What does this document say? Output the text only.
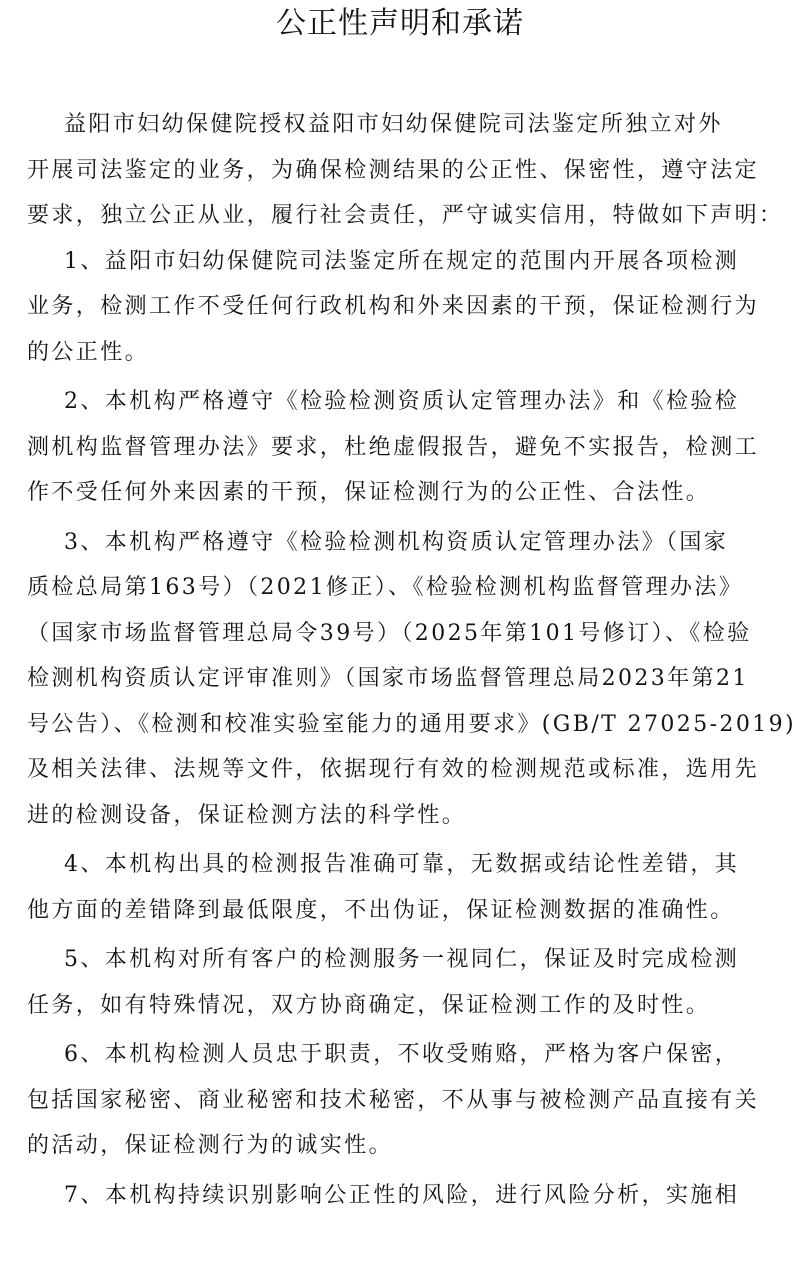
公正性声明和承诺

益阳市妇幼保健院授权益阳市妇幼保健院司法鉴定所独立对外
开展司法鉴定的业务，为确保检测结果的公正性、保密性，遵守法定
要求，独立公正从业，履行社会责任，严守诚实信用，特做如下声明：

1、益阳市妇幼保健院司法鉴定所在规定的范围内开展各项检测
业务，检测工作不受任何行政机构和外来因素的干预，保证检测行为
的公正性。

2、本机构严格遵守《检验检测资质认定管理办法》和《检验检
测机构监督管理办法》要求，杜绝虚假报告，避免不实报告，检测工
作不受任何外来因素的干预，保证检测行为的公正性、合法性。

3、本机构严格遵守《检验检测机构资质认定管理办法》（国家
质检总局第163号）（2021修正）、《检验检测机构监督管理办法》
（国家市场监督管理总局令39号）（2025年第101号修订）、《检验
检测机构资质认定评审准则》（国家市场监督管理总局2023年第21
号公告）、《检测和校准实验室能力的通用要求》(GB/T 27025-2019)
及相关法律、法规等文件，依据现行有效的检测规范或标准，选用先
进的检测设备，保证检测方法的科学性。

4、本机构出具的检测报告准确可靠，无数据或结论性差错，其
他方面的差错降到最低限度，不出伪证，保证检测数据的准确性。

5、本机构对所有客户的检测服务一视同仁，保证及时完成检测
任务，如有特殊情况，双方协商确定，保证检测工作的及时性。

6、本机构检测人员忠于职责，不收受贿赂，严格为客户保密，
包括国家秘密、商业秘密和技术秘密，不从事与被检测产品直接有关
的活动，保证检测行为的诚实性。

7、本机构持续识别影响公正性的风险，进行风险分析，实施相
